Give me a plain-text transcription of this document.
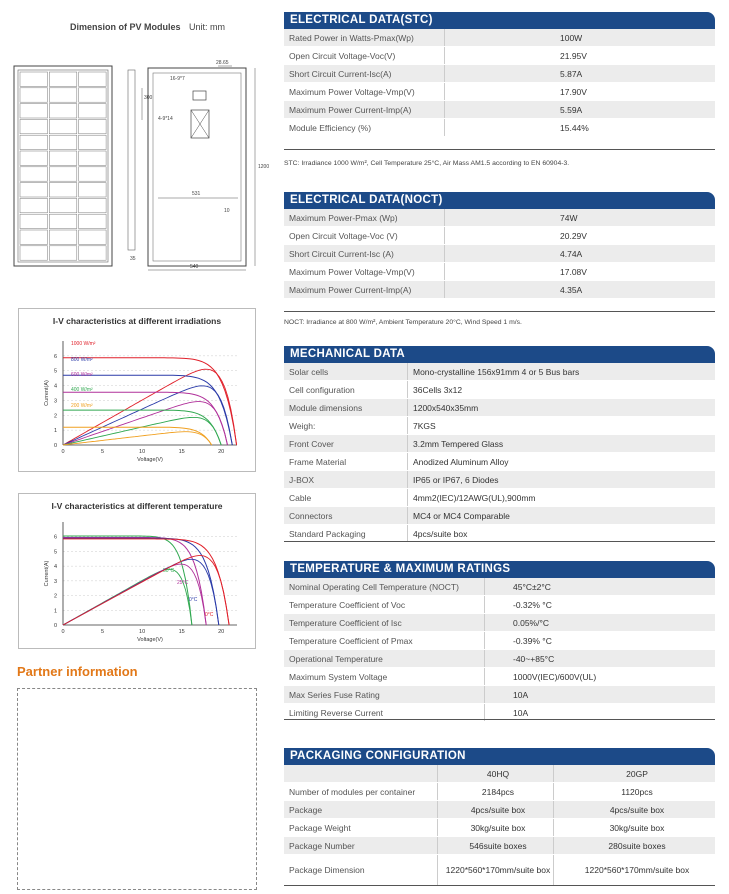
Dimension of PV Modules Unit: mm
16-9*7
4-9*14
300
1200
531
10
540
35
28.65
I-V characteristics at different irradiations
0
1
2
3
4
5
6
0	5	10	15	20
Voltage(V)
Current(A)
1000 W/m²
800 W/m²
600 W/m²
400 W/m²
200 W/m²
I-V characteristics at different temperature
0
1
2
3
4
5
6
0	5	10	15	20
Voltage(V)
Current(A)	50°C
25°C
0°C
0°C
Partner information
ELECTRICAL DATA(STC)
Rated Power in Watts-Pmax(Wp)	100W
Open Circuit Voltage-Voc(V)	21.95V
Short Circuit Current-Isc(A)	5.87A
Maximum Power Voltage-Vmp(V)	17.90V
Maximum Power Current-Imp(A)	5.59A
Module Efficiency (%)	15.44%
STC: Irradiance 1000 W/m², Cell Temperature 25°C, Air Mass AM1.5 according to EN 60904-3.
ELECTRICAL DATA(NOCT)
Maximum Power-Pmax (Wp)	74W
Open Circuit Voltage-Voc (V)	20.29V
Short Circuit Current-Isc (A)	4.74A
Maximum Power Voltage-Vmp(V)	17.08V
Maximum Power Current-Imp(A)	4.35A
NOCT: Irradiance at 800 W/m², Ambient Temperature 20°C, Wind Speed 1 m/s.
MECHANICAL DATA
Solar cells	Mono-crystalline 156x91mm 4 or 5 Bus bars
Cell configuration	36Cells 3x12
Module dimensions	1200x540x35mm
Weigh:	7KGS
Front Cover	3.2mm Tempered Glass
Frame Material	Anodized Aluminum Alloy
J-BOX	IP65 or IP67, 6 Diodes
Cable	4mm2(IEC)/12AWG(UL),900mm
Connectors	MC4 or MC4 Comparable
Standard Packaging	4pcs/suite box
TEMPERATURE & MAXIMUM RATINGS
Nominal Operating Cell Temperature (NOCT)	45°C±2°C
Temperature Coefficient of Voc	-0.32% °C
Temperature Coefficient of Isc	0.05%/°C
Temperature Coefficient of Pmax	-0.39% °C
Operational Temperature	-40~+85°C
Maximum System Voltage	1000V(IEC)/600V(UL)
Max Series Fuse Rating	10A
Limiting Reverse Current	10A
PACKAGING CONFIGURATION
	40HQ	20GP
Number of modules per container	2184pcs	1120pcs
Package	4pcs/suite box	4pcs/suite box
Package Weight	30kg/suite box	30kg/suite box
Package Number	546suite boxes	280suite boxes
Package Dimension	1220*560*170mm/suite box	1220*560*170mm/suite box
